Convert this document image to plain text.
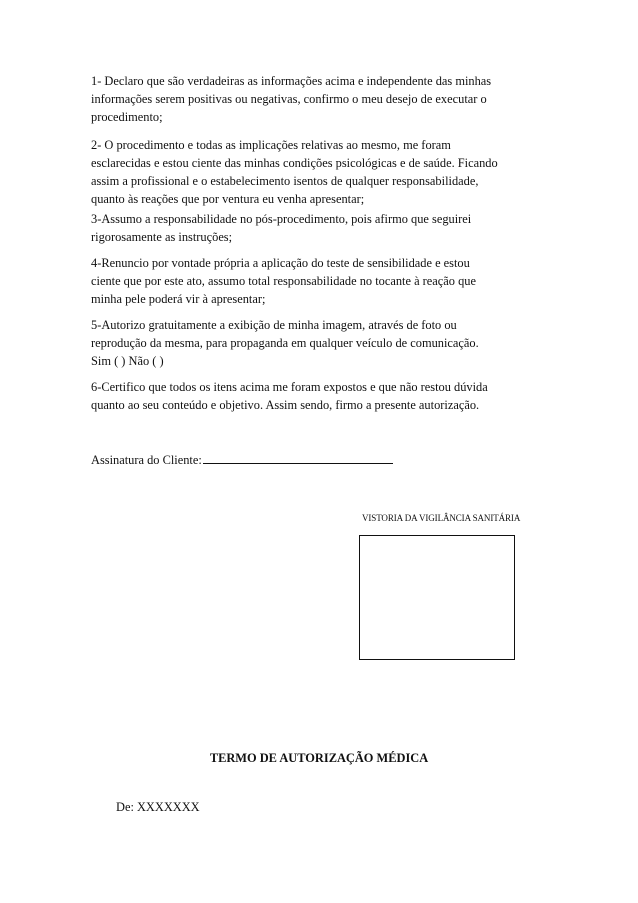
1- Declaro que são verdadeiras as informações acima e independente das minhas
informações serem positivas ou negativas, confirmo o meu desejo de executar o
procedimento;
2- O procedimento e todas as implicações relativas ao mesmo, me foram
esclarecidas e estou ciente das minhas condições psicológicas e de saúde. Ficando
assim a profissional e o estabelecimento isentos de qualquer responsabilidade,
quanto às reações que por ventura eu venha apresentar;
3-Assumo a responsabilidade no pós-procedimento, pois afirmo que seguirei
rigorosamente as instruções;
4-Renuncio por vontade própria a aplicação do teste de sensibilidade e estou
ciente que por este ato, assumo total responsabilidade no tocante à reação que
minha pele poderá vir à apresentar;
5-Autorizo gratuitamente a exibição de minha imagem, através de foto ou
reprodução da mesma, para propaganda em qualquer veículo de comunicação.
Sim ( ) Não ( )
6-Certifico que todos os itens acima me foram expostos e que não restou dúvida
quanto ao seu conteúdo e objetivo. Assim sendo, firmo a presente autorização.
Assinatura do Cliente:
VISTORIA DA VIGILÂNCIA SANITÁRIA
TERMO DE AUTORIZAÇÃO MÉDICA
De: XXXXXXX
